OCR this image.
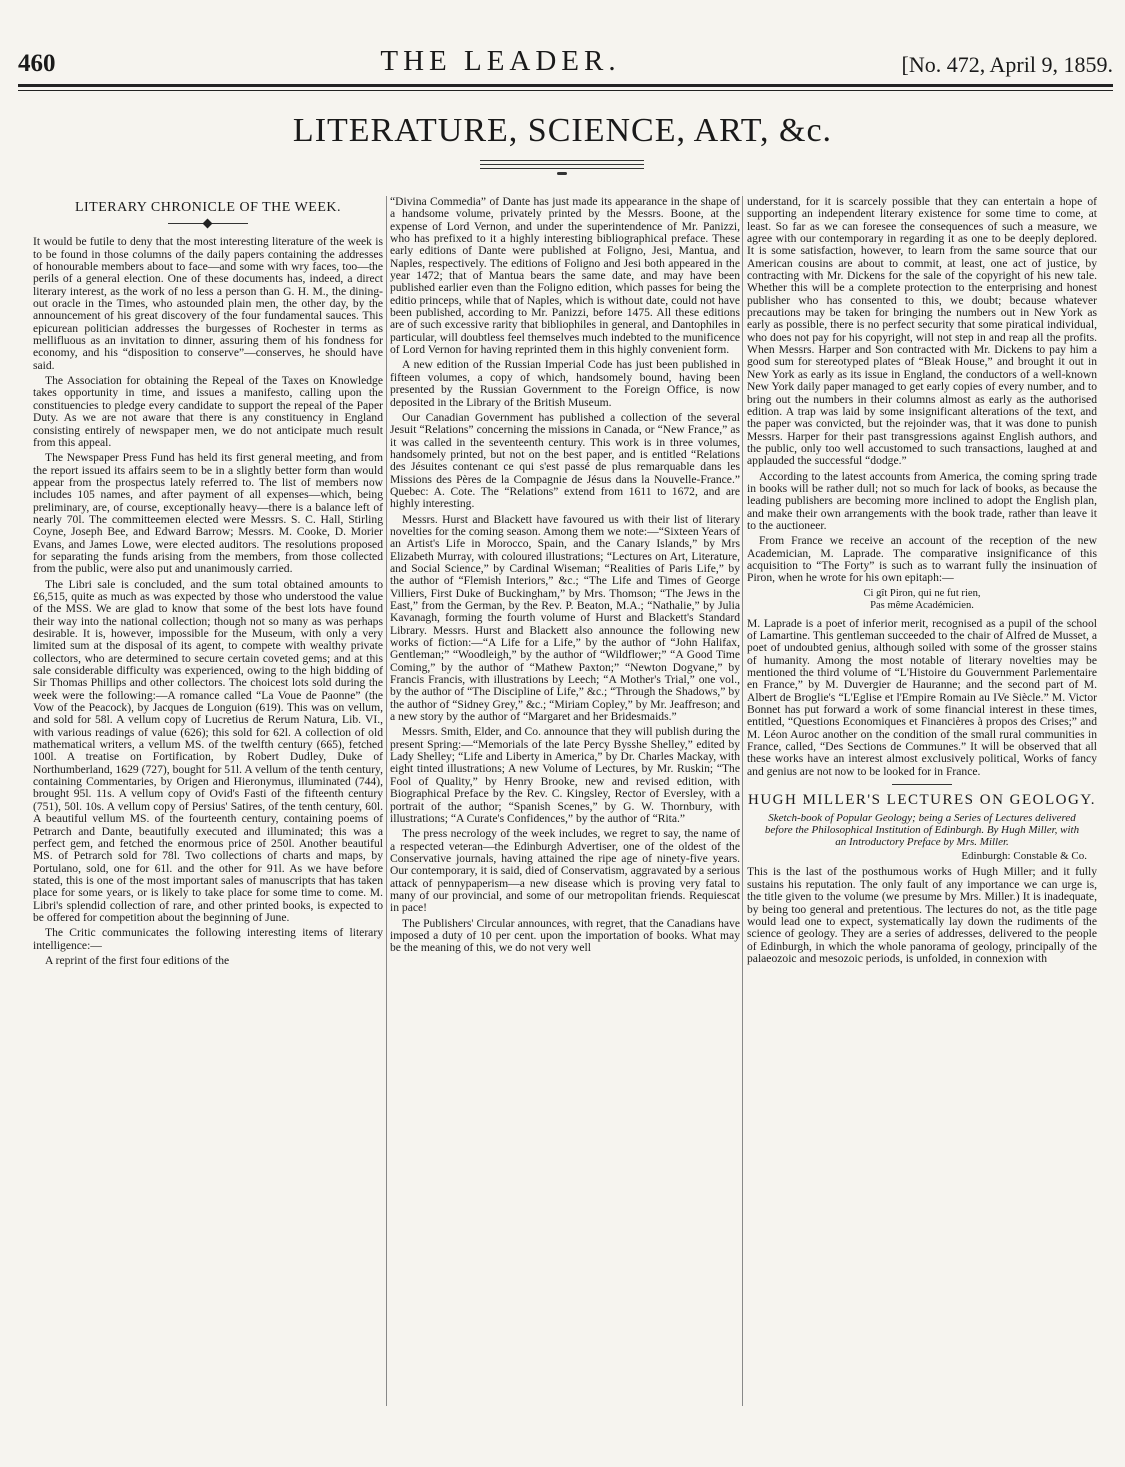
460	THE LEADER.	[No. 472, April 9, 1859.
LITERATURE, SCIENCE, ART, &c.
LITERARY CHRONICLE OF THE WEEK.

It would be futile to deny that the most interesting literature of the week is to be found in those columns of the daily papers containing the addresses of honourable members about to face—and some with wry faces, too—the perils of a general election. One of these documents has, indeed, a direct literary interest, as the work of no less a person than G. H. M., the dining-out oracle in the Times, who astounded plain men, the other day, by the announcement of his great discovery of the four fundamental sauces. This epicurean politician addresses the burgesses of Rochester in terms as mellifluous as an invitation to dinner, assuring them of his fondness for economy, and his “disposition to conserve”—conserves, he should have said.

The Association for obtaining the Repeal of the Taxes on Knowledge takes opportunity in time, and issues a manifesto, calling upon the constituencies to pledge every candidate to support the repeal of the Paper Duty. As we are not aware that there is any constituency in England consisting entirely of newspaper men, we do not anticipate much result from this appeal.

The Newspaper Press Fund has held its first general meeting, and from the report issued its affairs seem to be in a slightly better form than would appear from the prospectus lately referred to. The list of members now includes 105 names, and after payment of all expenses—which, being preliminary, are, of course, exceptionally heavy—there is a balance left of nearly 70l. The committeemen elected were Messrs. S. C. Hall, Stirling Coyne, Joseph Bee, and Edward Barrow; Messrs. M. Cooke, D. Morier Evans, and James Lowe, were elected auditors. The resolutions proposed for separating the funds arising from the members, from those collected from the public, were also put and unanimously carried.

The Libri sale is concluded, and the sum total obtained amounts to £6,515, quite as much as was expected by those who understood the value of the MSS. We are glad to know that some of the best lots have found their way into the national collection; though not so many as was perhaps desirable. It is, however, impossible for the Museum, with only a very limited sum at the disposal of its agent, to compete with wealthy private collectors, who are determined to secure certain coveted gems; and at this sale considerable difficulty was experienced, owing to the high bidding of Sir Thomas Phillips and other collectors. The choicest lots sold during the week were the following:—A romance called “La Voue de Paonne” (the Vow of the Peacock), by Jacques de Longuion (619). This was on vellum, and sold for 58l. A vellum copy of Lucretius de Rerum Natura, Lib. VI., with various readings of value (626); this sold for 62l. A collection of old mathematical writers, a vellum MS. of the twelfth century (665), fetched 100l. A treatise on Fortification, by Robert Dudley, Duke of Northumberland, 1629 (727), bought for 51l. A vellum of the tenth century, containing Commentaries, by Origen and Hieronymus, illuminated (744), brought 95l. 11s. A vellum copy of Ovid's Fasti of the fifteenth century (751), 50l. 10s. A vellum copy of Persius' Satires, of the tenth century, 60l. A beautiful vellum MS. of the fourteenth century, containing poems of Petrarch and Dante, beautifully executed and illuminated; this was a perfect gem, and fetched the enormous price of 250l. Another beautiful MS. of Petrarch sold for 78l. Two collections of charts and maps, by Portulano, sold, one for 61l. and the other for 91l. As we have before stated, this is one of the most important sales of manuscripts that has taken place for some years, or is likely to take place for some time to come. M. Libri's splendid collection of rare, and other printed books, is expected to be offered for competition about the beginning of June.

The Critic communicates the following interesting items of literary intelligence:—

A reprint of the first four editions of the

“Divina Commedia” of Dante has just made its appearance in the shape of a handsome volume, privately printed by the Messrs. Boone, at the expense of Lord Vernon, and under the superintendence of Mr. Panizzi, who has prefixed to it a highly interesting bibliographical preface. These early editions of Dante were published at Foligno, Jesi, Mantua, and Naples, respectively. The editions of Foligno and Jesi both appeared in the year 1472; that of Mantua bears the same date, and may have been published earlier even than the Foligno edition, which passes for being the editio princeps, while that of Naples, which is without date, could not have been published, according to Mr. Panizzi, before 1475. All these editions are of such excessive rarity that bibliophiles in general, and Dantophiles in particular, will doubtless feel themselves much indebted to the munificence of Lord Vernon for having reprinted them in this highly convenient form.

A new edition of the Russian Imperial Code has just been published in fifteen volumes, a copy of which, handsomely bound, having been presented by the Russian Government to the Foreign Office, is now deposited in the Library of the British Museum.

Our Canadian Government has published a collection of the several Jesuit “Relations” concerning the missions in Canada, or “New France,” as it was called in the seventeenth century. This work is in three volumes, handsomely printed, but not on the best paper, and is entitled “Relations des Jésuites contenant ce qui s'est passé de plus remarquable dans les Missions des Pères de la Compagnie de Jésus dans la Nouvelle-France.” Quebec: A. Cote. The “Relations” extend from 1611 to 1672, and are highly interesting.

Messrs. Hurst and Blackett have favoured us with their list of literary novelties for the coming season. Among them we note:—“Sixteen Years of an Artist's Life in Morocco, Spain, and the Canary Islands,” by Mrs Elizabeth Murray, with coloured illustrations; “Lectures on Art, Literature, and Social Science,” by Cardinal Wiseman; “Realities of Paris Life,” by the author of “Flemish Interiors,” &c.; “The Life and Times of George Villiers, First Duke of Buckingham,” by Mrs. Thomson; “The Jews in the East,” from the German, by the Rev. P. Beaton, M.A.; “Nathalie,” by Julia Kavanagh, forming the fourth volume of Hurst and Blackett's Standard Library. Messrs. Hurst and Blackett also announce the following new works of fiction:—“A Life for a Life,” by the author of “John Halifax, Gentleman;” “Woodleigh,” by the author of “Wildflower;” “A Good Time Coming,” by the author of “Mathew Paxton;” “Newton Dogvane,” by Francis Francis, with illustrations by Leech; “A Mother's Trial,” one vol., by the author of “The Discipline of Life,” &c.; “Through the Shadows,” by the author of “Sidney Grey,” &c.; “Miriam Copley,” by Mr. Jeaffreson; and a new story by the author of “Margaret and her Bridesmaids.”

Messrs. Smith, Elder, and Co. announce that they will publish during the present Spring:—“Memorials of the late Percy Bysshe Shelley,” edited by Lady Shelley; “Life and Liberty in America,” by Dr. Charles Mackay, with eight tinted illustrations; A new Volume of Lectures, by Mr. Ruskin; “The Fool of Quality,” by Henry Brooke, new and revised edition, with Biographical Preface by the Rev. C. Kingsley, Rector of Eversley, with a portrait of the author; “Spanish Scenes,” by G. W. Thornbury, with illustrations; “A Curate's Confidences,” by the author of “Rita.”

The press necrology of the week includes, we regret to say, the name of a respected veteran—the Edinburgh Advertiser, one of the oldest of the Conservative journals, having attained the ripe age of ninety-five years. Our contemporary, it is said, died of Conservatism, aggravated by a serious attack of pennypaperism—a new disease which is proving very fatal to many of our provincial, and some of our metropolitan friends. Requiescat in pace!

The Publishers' Circular announces, with regret, that the Canadians have imposed a duty of 10 per cent. upon the importation of books. What may be the meaning of this, we do not very well

understand, for it is scarcely possible that they can entertain a hope of supporting an independent literary existence for some time to come, at least. So far as we can foresee the consequences of such a measure, we agree with our contemporary in regarding it as one to be deeply deplored. It is some satisfaction, however, to learn from the same source that our American cousins are about to commit, at least, one act of justice, by contracting with Mr. Dickens for the sale of the copyright of his new tale. Whether this will be a complete protection to the enterprising and honest publisher who has consented to this, we doubt; because whatever precautions may be taken for bringing the numbers out in New York as early as possible, there is no perfect security that some piratical individual, who does not pay for his copyright, will not step in and reap all the profits. When Messrs. Harper and Son contracted with Mr. Dickens to pay him a good sum for stereotyped plates of “Bleak House,” and brought it out in New York as early as its issue in England, the conductors of a well-known New York daily paper managed to get early copies of every number, and to bring out the numbers in their columns almost as early as the authorised edition. A trap was laid by some insignificant alterations of the text, and the paper was convicted, but the rejoinder was, that it was done to punish Messrs. Harper for their past transgressions against English authors, and the public, only too well accustomed to such transactions, laughed at and applauded the successful “dodge.”

According to the latest accounts from America, the coming spring trade in books will be rather dull; not so much for lack of books, as because the leading publishers are becoming more inclined to adopt the English plan, and make their own arrangements with the book trade, rather than leave it to the auctioneer.

From France we receive an account of the reception of the new Academician, M. Laprade. The comparative insignificance of this acquisition to “The Forty” is such as to warrant fully the insinuation of Piron, when he wrote for his own epitaph:—

Ci gît Piron, qui ne fut rien,
Pas même Académicien.

M. Laprade is a poet of inferior merit, recognised as a pupil of the school of Lamartine. This gentleman succeeded to the chair of Alfred de Musset, a poet of undoubted genius, although soiled with some of the grosser stains of humanity. Among the most notable of literary novelties may be mentioned the third volume of “L'Histoire du Gouvernment Parlementaire en France,” by M. Duvergier de Hauranne; and the second part of M. Albert de Broglie's “L'Eglise et l'Empire Romain au IVe Siècle.” M. Victor Bonnet has put forward a work of some financial interest in these times, entitled, “Questions Economiques et Financières à propos des Crises;” and M. Léon Auroc another on the condition of the small rural communities in France, called, “Des Sections de Communes.” It will be observed that all these works have an interest almost exclusively political, Works of fancy and genius are not now to be looked for in France.

HUGH MILLER'S LECTURES ON GEOLOGY.
Sketch-book of Popular Geology; being a Series of Lectures delivered before the Philosophical Institution of Edinburgh. By Hugh Miller, with an Introductory Preface by Mrs. Miller.
Edinburgh: Constable & Co.

This is the last of the posthumous works of Hugh Miller; and it fully sustains his reputation. The only fault of any importance we can urge is, the title given to the volume (we presume by Mrs. Miller.) It is inadequate, by being too general and pretentious. The lectures do not, as the title page would lead one to expect, systematically lay down the rudiments of the science of geology. They are a series of addresses, delivered to the people of Edinburgh, in which the whole panorama of geology, principally of the palaeozoic and mesozoic periods, is unfolded, in connexion with
